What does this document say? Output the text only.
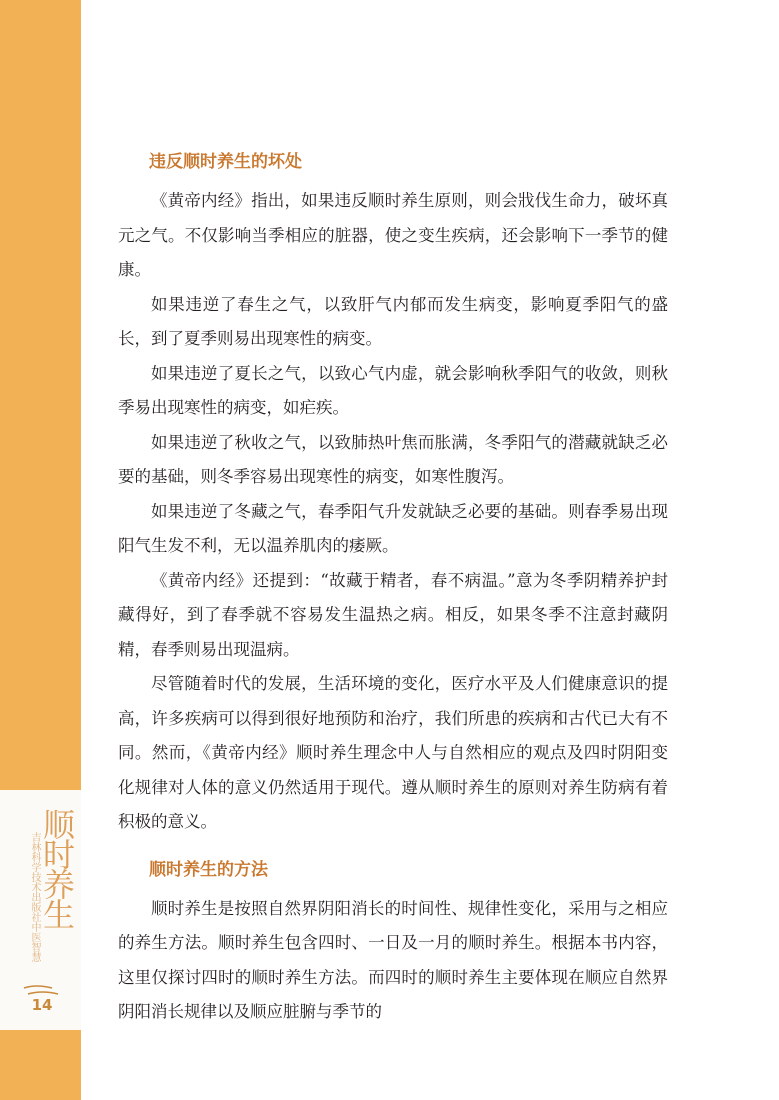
吉林科学技术出版社中医智慧
顺时养生
14
违反顺时养生的坏处

《黄帝内经》指出，如果违反顺时养生原则，则会戕伐生命力，破坏真元之气。不仅影响当季相应的脏器，使之变生疾病，还会影响下一季节的健康。

如果违逆了春生之气，以致肝气内郁而发生病变，影响夏季阳气的盛长，到了夏季则易出现寒性的病变。

如果违逆了夏长之气，以致心气内虚，就会影响秋季阳气的收敛，则秋季易出现寒性的病变，如疟疾。

如果违逆了秋收之气，以致肺热叶焦而胀满，冬季阳气的潜藏就缺乏必要的基础，则冬季容易出现寒性的病变，如寒性腹泻。

如果违逆了冬藏之气，春季阳气升发就缺乏必要的基础。则春季易出现阳气生发不利，无以温养肌肉的痿厥。

《黄帝内经》还提到：“故藏于精者，春不病温。”意为冬季阴精养护封藏得好，到了春季就不容易发生温热之病。相反，如果冬季不注意封藏阴精，春季则易出现温病。

尽管随着时代的发展，生活环境的变化，医疗水平及人们健康意识的提高，许多疾病可以得到很好地预防和治疗，我们所患的疾病和古代已大有不同。然而，《黄帝内经》顺时养生理念中人与自然相应的观点及四时阴阳变化规律对人体的意义仍然适用于现代。遵从顺时养生的原则对养生防病有着积极的意义。

顺时养生的方法

顺时养生是按照自然界阴阳消长的时间性、规律性变化，采用与之相应的养生方法。顺时养生包含四时、一日及一月的顺时养生。根据本书内容，这里仅探讨四时的顺时养生方法。而四时的顺时养生主要体现在顺应自然界阴阳消长规律以及顺应脏腑与季节的
